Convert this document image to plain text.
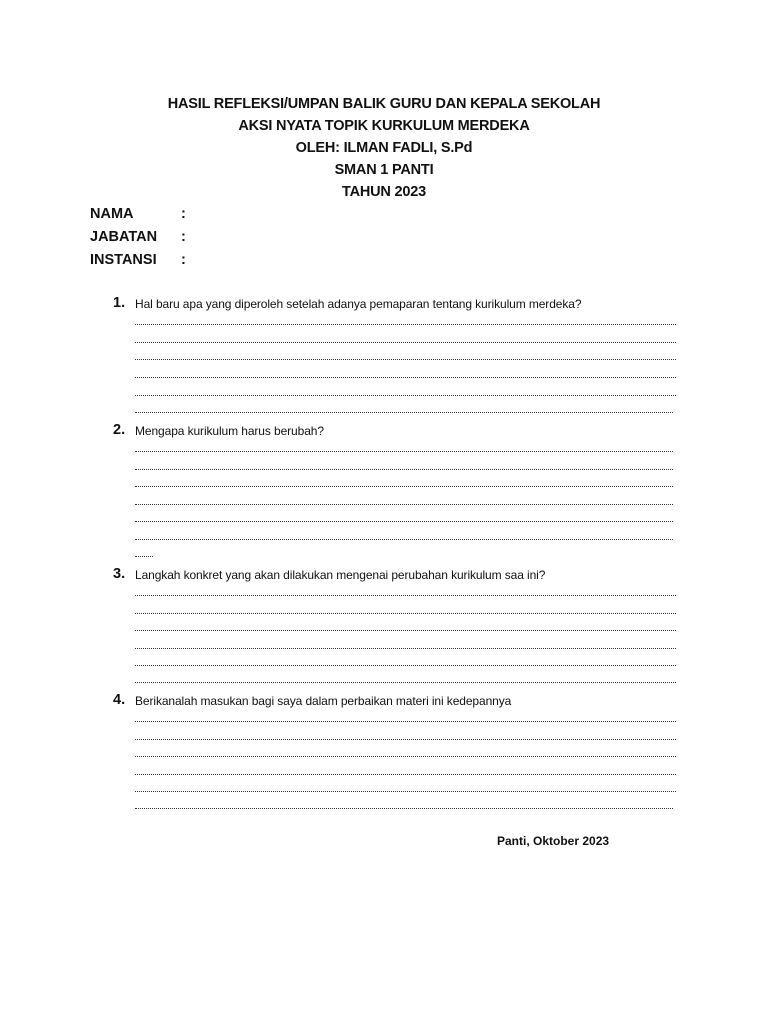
HASIL REFLEKSI/UMPAN BALIK GURU DAN KEPALA SEKOLAH
AKSI NYATA TOPIK KURKULUM MERDEKA
OLEH: ILMAN FADLI, S.Pd
SMAN 1 PANTI
TAHUN 2023
NAMA	:
JABATAN :
INSTANSI :
1. Hal baru apa yang diperoleh setelah adanya pemaparan tentang kurikulum merdeka?
2. Mengapa kurikulum harus berubah?
3. Langkah konkret yang akan dilakukan mengenai perubahan kurikulum saa ini?
4. Berikanalah masukan bagi saya dalam perbaikan materi ini kedepannya
Panti, Oktober 2023
